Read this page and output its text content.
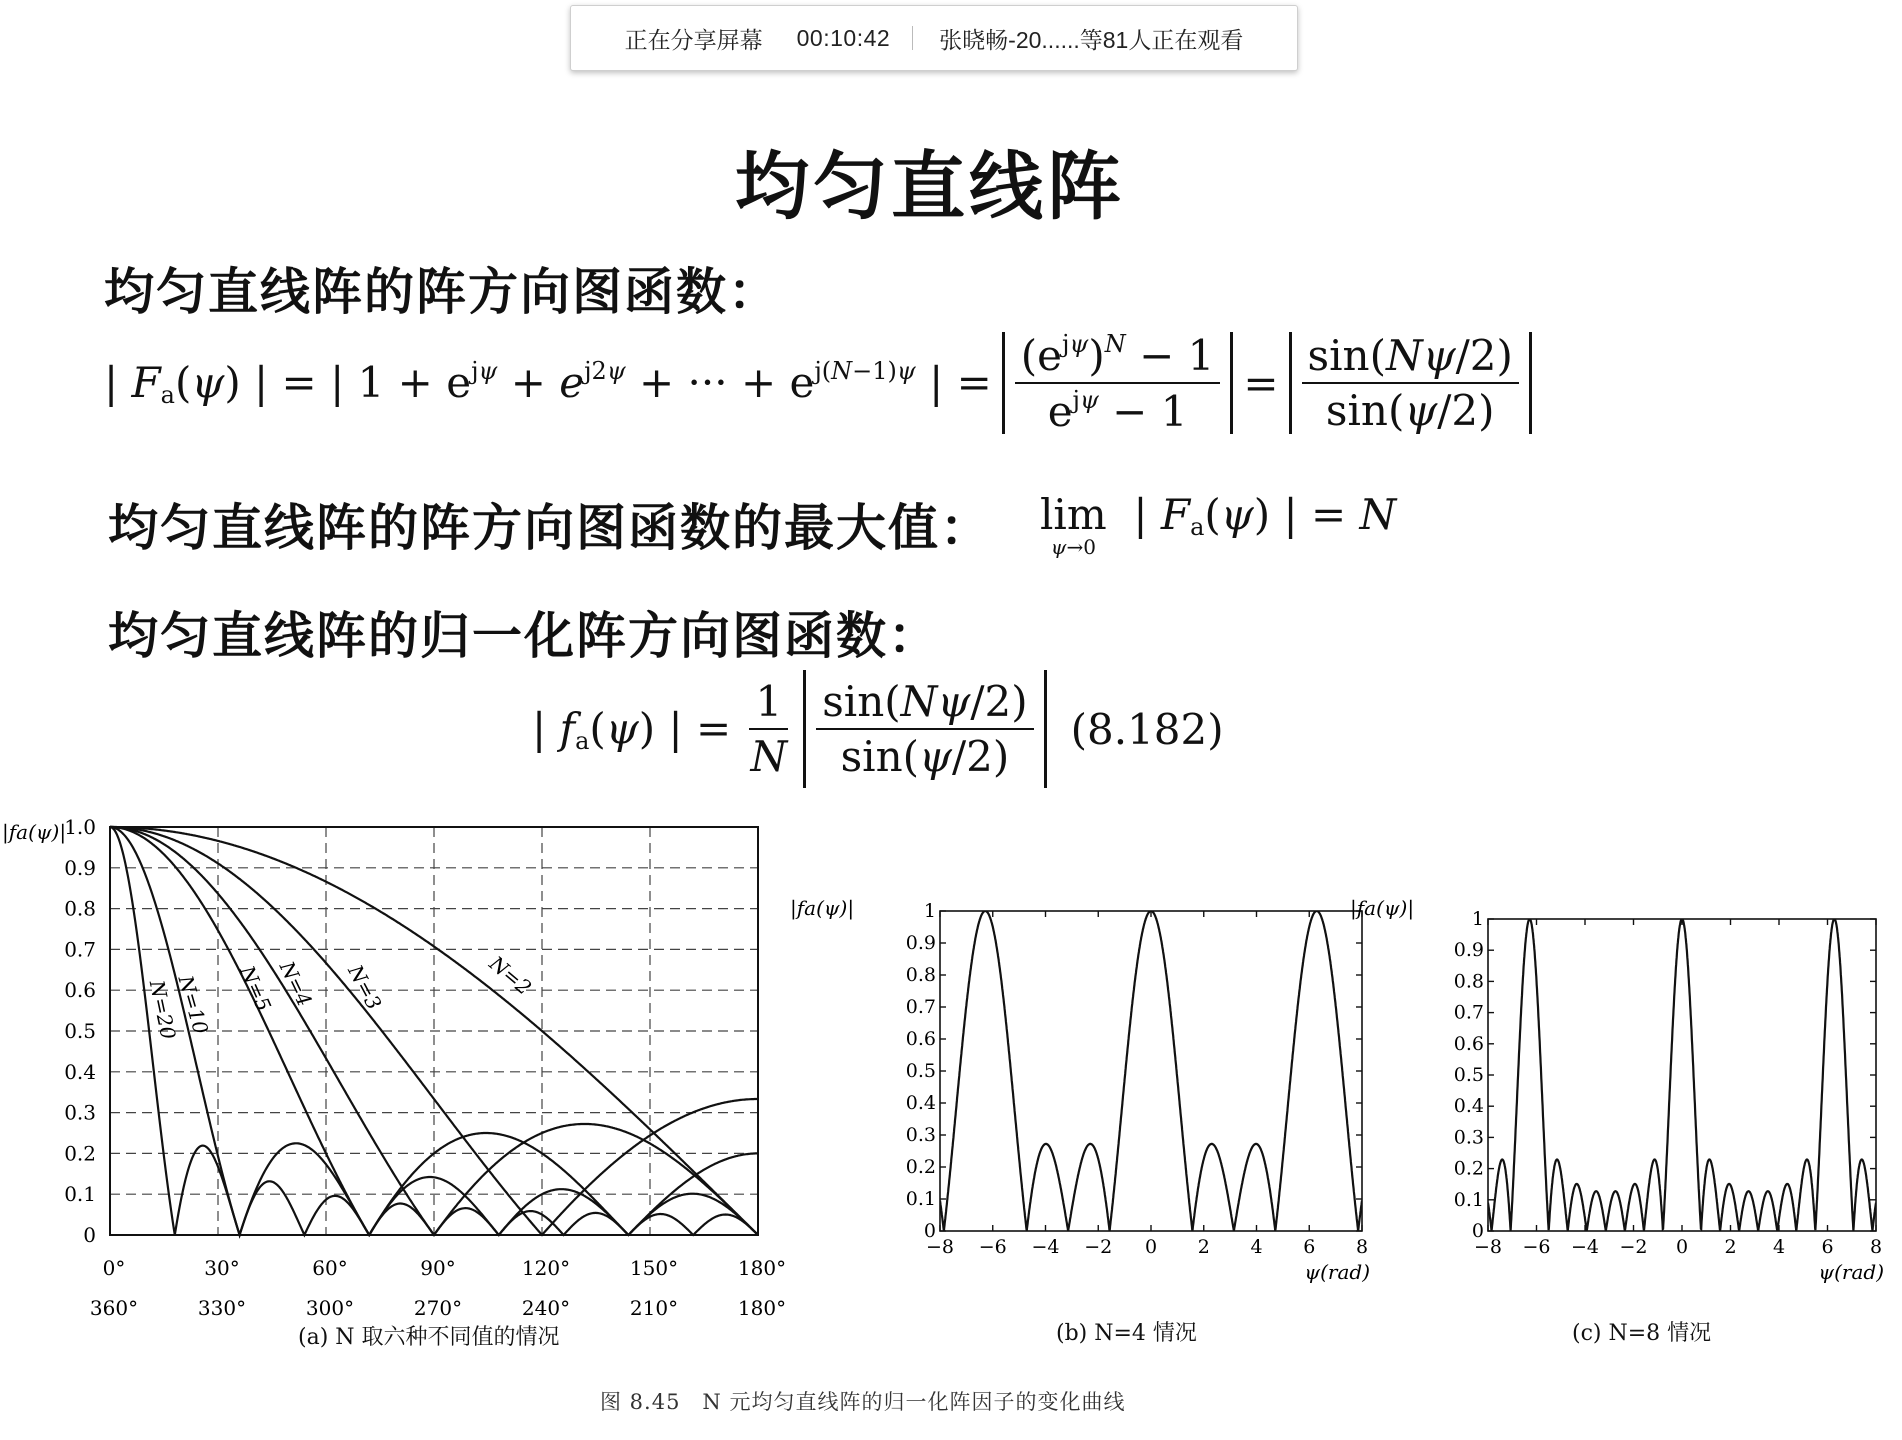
正在分享屏幕 00:10:42 张晓畅-20......等81人正在观看
均匀直线阵
均匀直线阵的阵方向图函数：
| $F_a(\psi)$ | = | $1 + e^{j\psi} + e^{j2\psi}$ + ··· + $e^{j(N-1)\psi}$ | = $\frac{(e^{j\psi})^N - 1}{e^{j\psi} - 1} = \frac{\sin(N\psi/2)}{\sin(\psi/2)}$
均匀直线阵的阵方向图函数的最大值： lim
ψ→0
| $F_a(\psi)$ | = N
均匀直线阵的归一化阵方向图函数：
| $f_a(\psi)$ | = $\frac{1}{N} \frac{\sin(N\psi/2)}{\sin(\psi/2)} (8.182)$
|fa(ψ)|
0
0.1
0.2
0.3
0.4
0.5
0.6
0.7
0.8
0.9
1.0
0°
360°
30°
330°
60°
300°
90°
270°
120°
240°
150°
210°
180°
180°
N=2
N=3
N=4
N=5
N=10
N=20
(a) N 取六种不同值的情况
|fa(ψ)|
0
0.1
0.2
0.3
0.4
0.5
0.6
0.7
0.8
0.9
1
−8 −6 −4 −2 0 2 4 6 8
ψ(rad)
(b) N=4 情况
|fa(ψ)|
0
0.1
0.2
0.3
0.4
0.5
0.6
0.7
0.8
0.9
1
−8 −6 −4 −2 0 2 4 6 8
ψ(rad)
(c) N=8 情况
图 8.45　N 元均匀直线阵的归一化阵因子的变化曲线
